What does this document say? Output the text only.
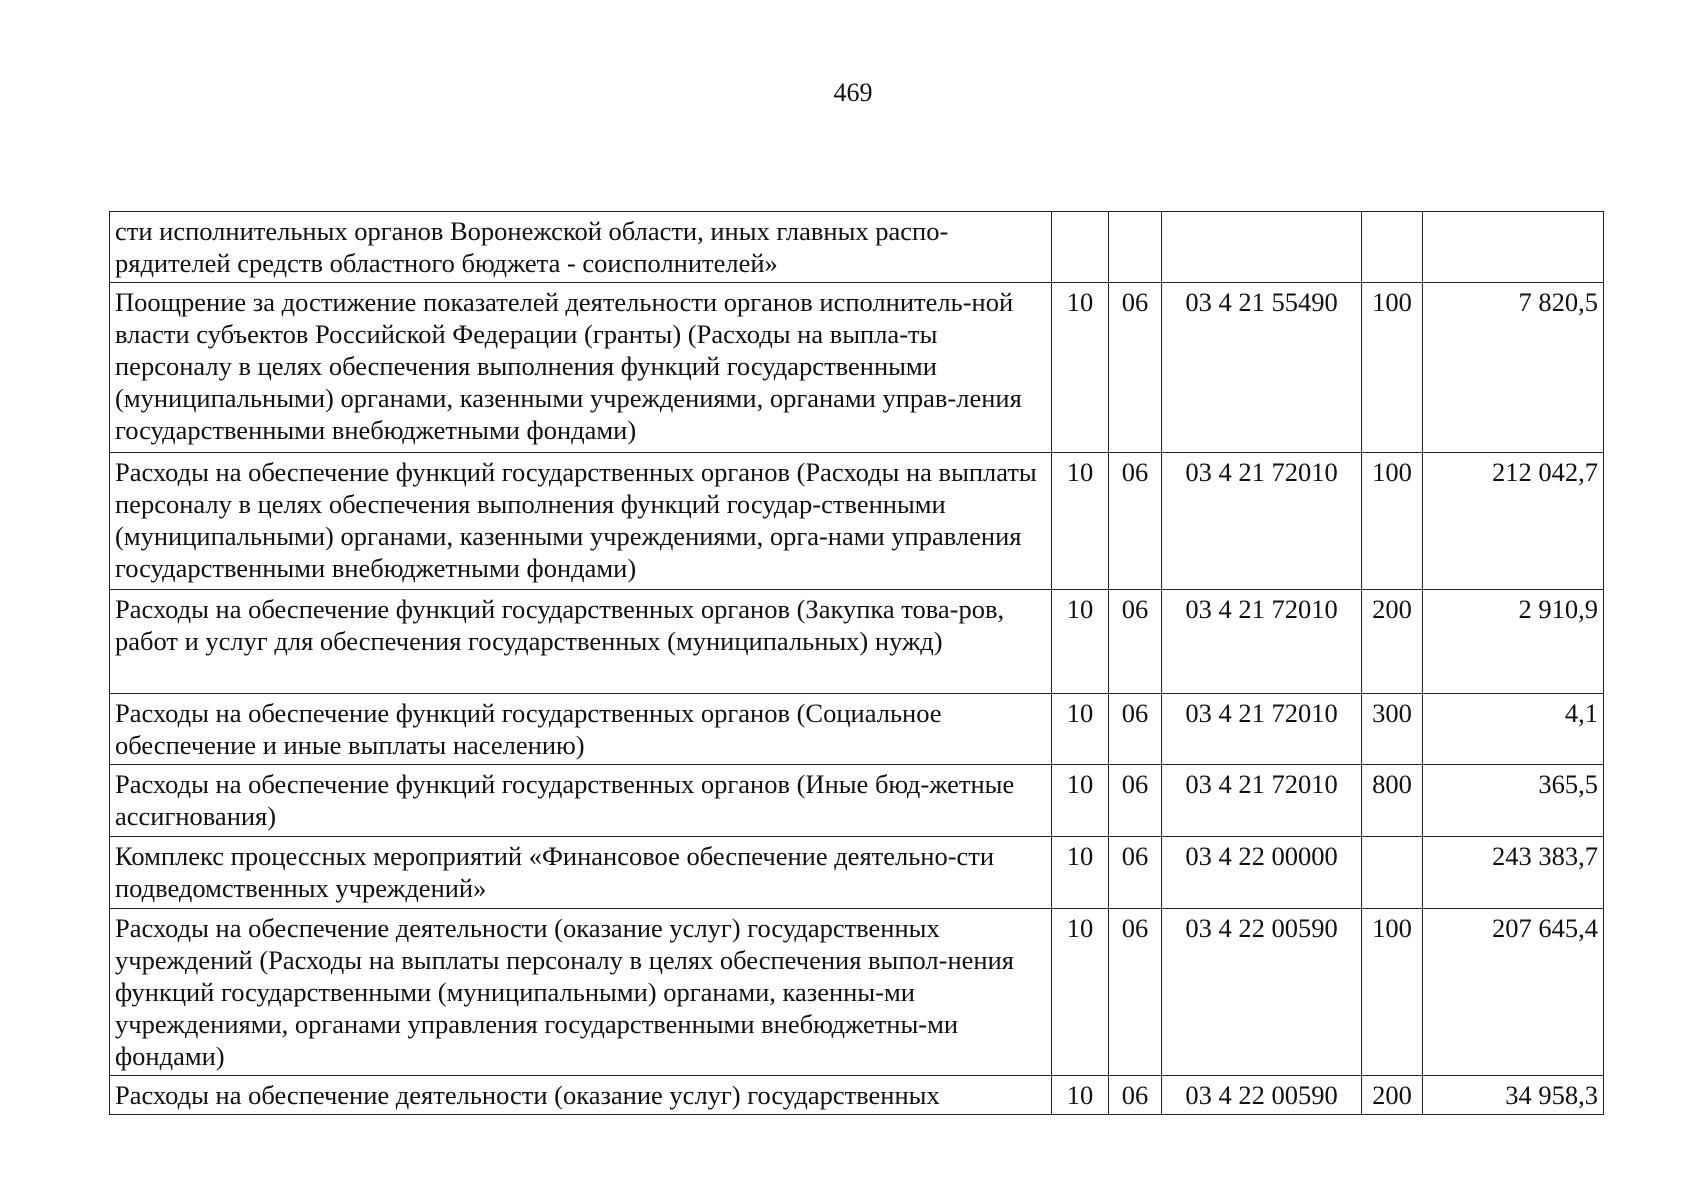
469
сти исполнительных органов Воронежской области, иных главных распо-рядителей средств областного бюджета - соисполнителей»					
Поощрение за достижение показателей деятельности органов исполнитель-ной власти субъектов Российской Федерации (гранты) (Расходы на выпла-ты персоналу в целях обеспечения выполнения функций государственными (муниципальными) органами, казенными учреждениями, органами управ-ления государственными внебюджетными фондами)	10	06	03 4 21 55490	100	7 820,5
Расходы на обеспечение функций государственных органов (Расходы на выплаты персоналу в целях обеспечения выполнения функций государ-ственными (муниципальными) органами, казенными учреждениями, орга-нами управления государственными внебюджетными фондами)	10	06	03 4 21 72010	100	212 042,7
Расходы на обеспечение функций государственных органов (Закупка това-ров, работ и услуг для обеспечения государственных (муниципальных) нужд)	10	06	03 4 21 72010	200	2 910,9
Расходы на обеспечение функций государственных органов (Социальное обеспечение и иные выплаты населению)	10	06	03 4 21 72010	300	4,1
Расходы на обеспечение функций государственных органов (Иные бюд-жетные ассигнования)	10	06	03 4 21 72010	800	365,5
Комплекс процессных мероприятий «Финансовое обеспечение деятельно-сти подведомственных учреждений»	10	06	03 4 22 00000		243 383,7
Расходы на обеспечение деятельности (оказание услуг) государственных учреждений (Расходы на выплаты персоналу в целях обеспечения выпол-нения функций государственными (муниципальными) органами, казенны-ми учреждениями, органами управления государственными внебюджетны-ми фондами)	10	06	03 4 22 00590	100	207 645,4
Расходы на обеспечение деятельности (оказание услуг) государственных	10	06	03 4 22 00590	200	34 958,3
